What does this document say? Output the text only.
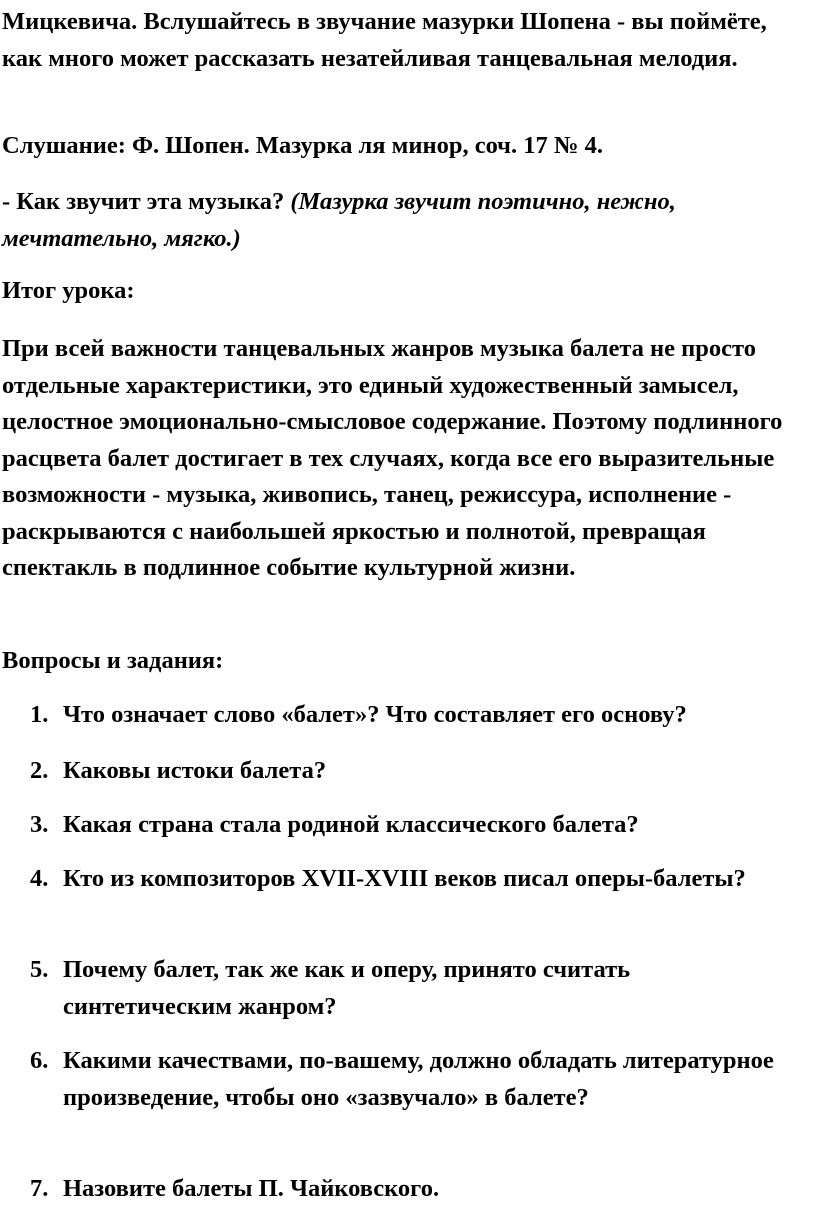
Мицкевича. Вслушайтесь в звучание мазурки Шопена - вы поймёте, как много может рассказать незатейливая танцевальная мелодия.

Слушание: Ф. Шопен. Мазурка ля минор, соч. 17 № 4.

- Как звучит эта музыка? (Мазурка звучит поэтично, нежно, мечтательно, мягко.)

Итог урока:

При всей важности танцевальных жанров музыка балета не просто отдельные характеристики, это единый художественный замысел, целостное эмоционально-смысловое содержание. Поэтому подлинного расцвета балет достигает в тех случаях, когда все его выразительные возможности - музыка, живопись, танец, режиссура, исполнение - раскрываются с наибольшей яркостью и полнотой, превращая спектакль в подлинное событие культурной жизни.

Вопросы и задания:

1. Что означает слово «балет»? Что составляет его основу?
2. Каковы истоки балета?
3. Какая страна стала родиной классического балета?
4. Кто из композиторов XVII-XVIII веков писал оперы-балеты?
5. Почему балет, так же как и оперу, принято считать синтетическим жанром?
6. Какими качествами, по-вашему, должно обладать литературное произведение, чтобы оно «зазвучало» в балете?
7. Назовите балеты П. Чайковского.
